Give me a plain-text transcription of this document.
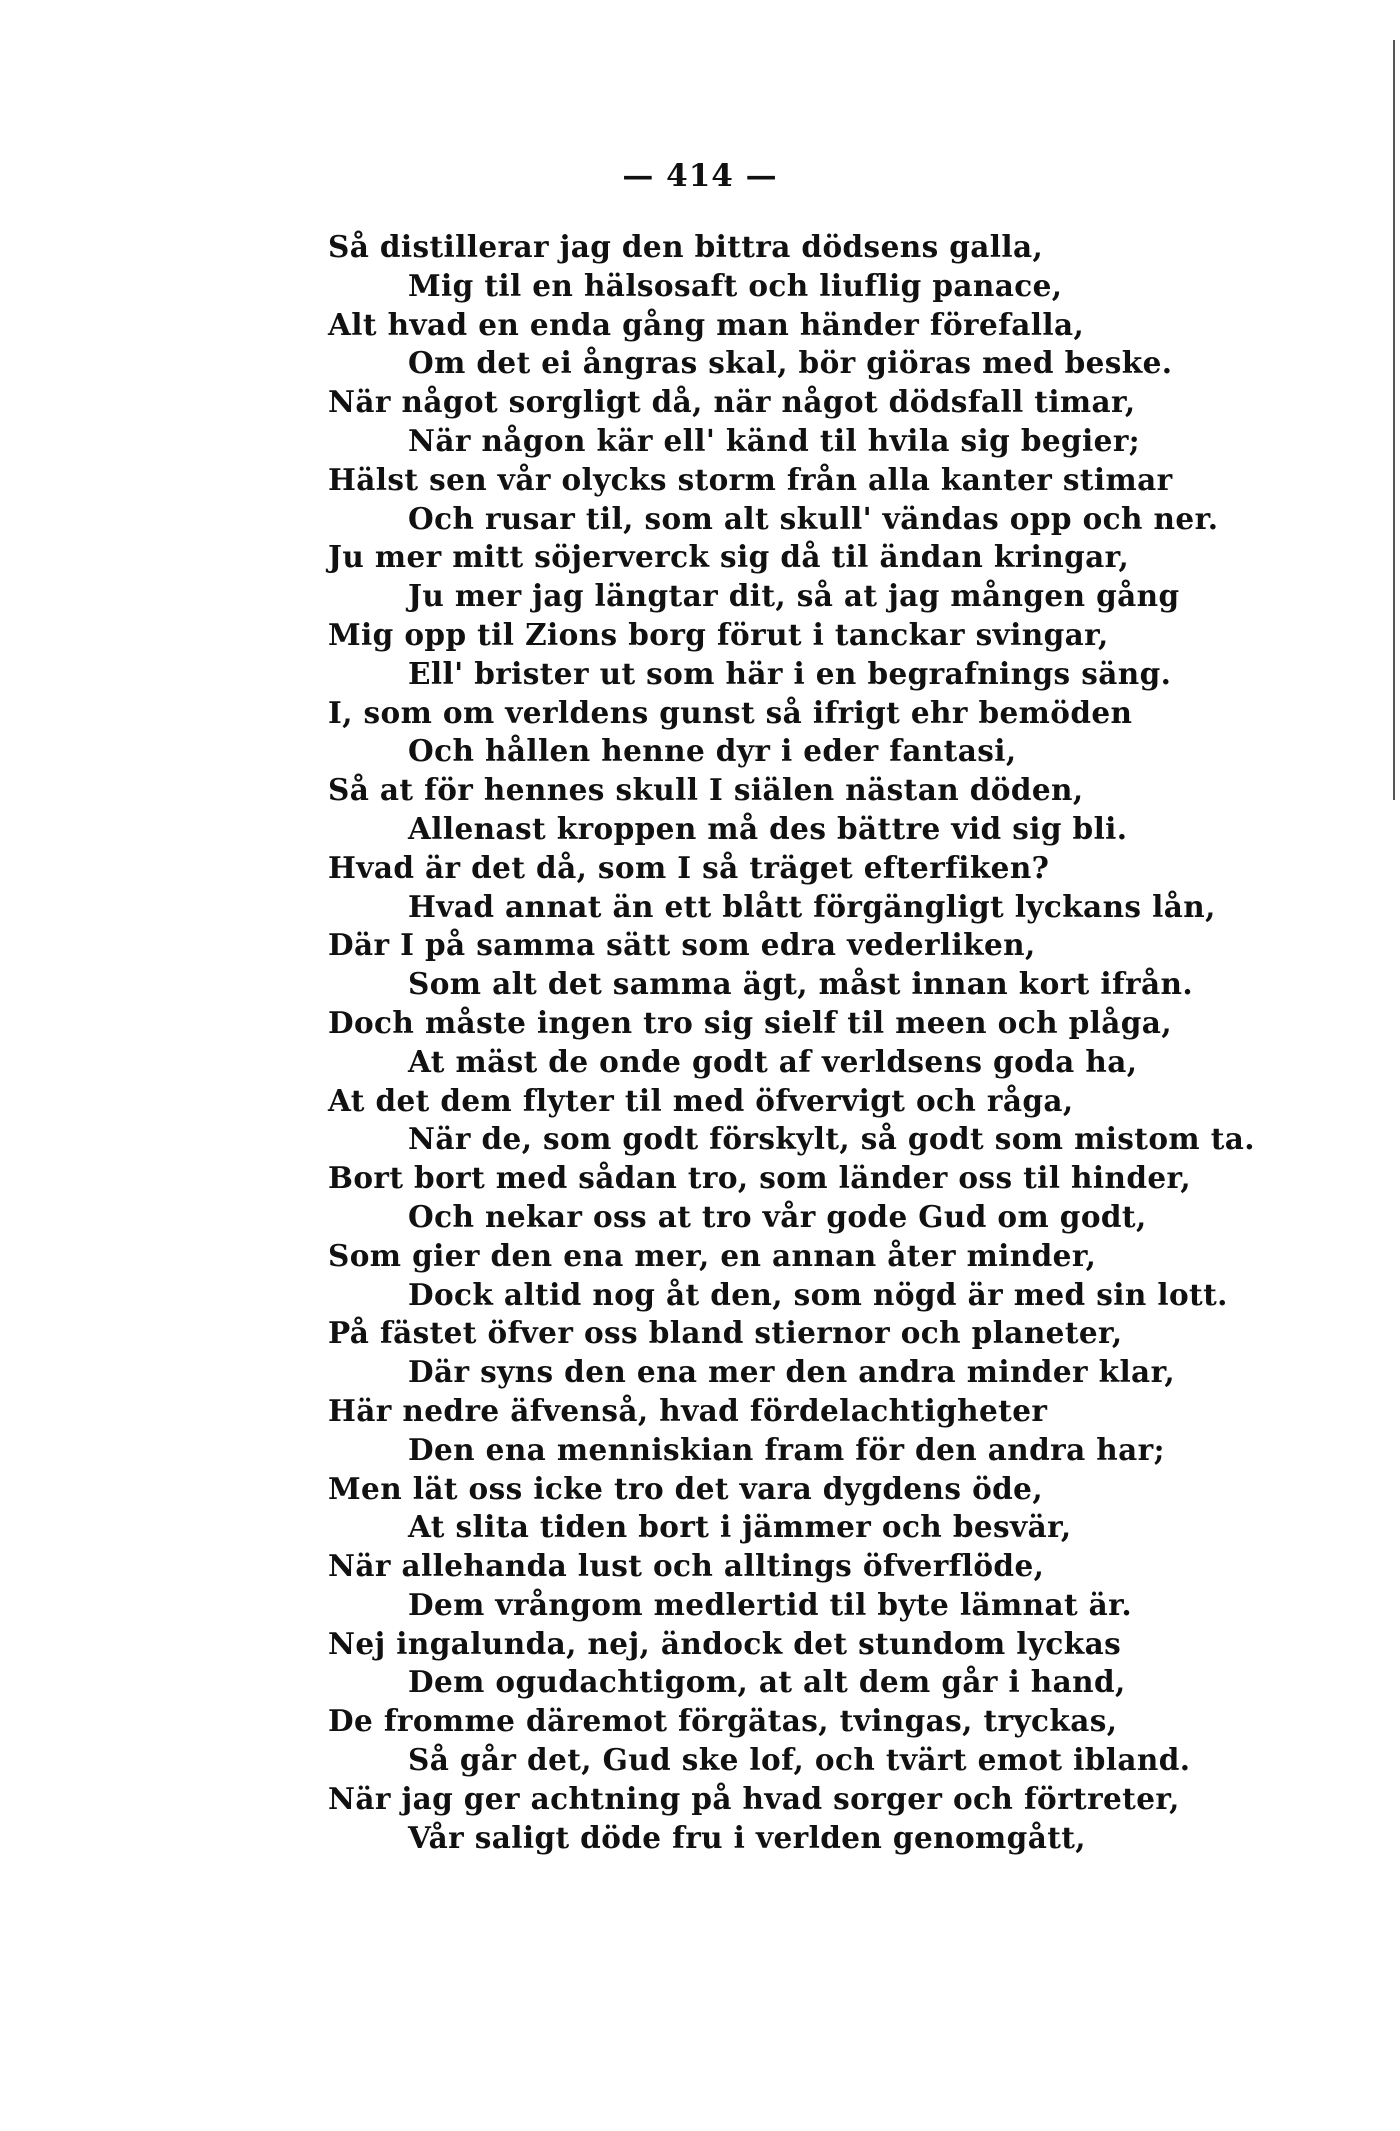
— 414 —
Så distillerar jag den bittra dödsens galla,
Mig til en hälsosaft och liuflig panace,
Alt hvad en enda gång man händer förefalla,
Om det ei ångras skal, bör giöras med beske.
När något sorgligt då, när något dödsfall timar,
När någon kär ell' känd til hvila sig begier;
Hälst sen vår olycks storm från alla kanter stimar
Och rusar til, som alt skull' vändas opp och ner.
Ju mer mitt söjerverck sig då til ändan kringar,
Ju mer jag längtar dit, så at jag mången gång
Mig opp til Zions borg förut i tanckar svingar,
Ell' brister ut som här i en begrafnings säng.
I, som om verldens gunst så ifrigt ehr bemöden
Och hållen henne dyr i eder fantasi,
Så at för hennes skull I siälen nästan döden,
Allenast kroppen må des bättre vid sig bli.
Hvad är det då, som I så träget efterfiken?
Hvad annat än ett blått förgängligt lyckans lån,
Där I på samma sätt som edra vederliken,
Som alt det samma ägt, måst innan kort ifrån.
Doch måste ingen tro sig sielf til meen och plåga,
At mäst de onde godt af verldsens goda ha,
At det dem flyter til med öfvervigt och råga,
När de, som godt förskylt, så godt som mistom ta.
Bort bort med sådan tro, som länder oss til hinder,
Och nekar oss at tro vår gode Gud om godt,
Som gier den ena mer, en annan åter minder,
Dock altid nog åt den, som nögd är med sin lott.
På fästet öfver oss bland stiernor och planeter,
Där syns den ena mer den andra minder klar,
Här nedre äfvenså, hvad fördelachtigheter
Den ena menniskian fram för den andra har;
Men lät oss icke tro det vara dygdens öde,
At slita tiden bort i jämmer och besvär,
När allehanda lust och alltings öfverflöde,
Dem vrångom medlertid til byte lämnat är.
Nej ingalunda, nej, ändock det stundom lyckas
Dem ogudachtigom, at alt dem går i hand,
De fromme däremot förgätas, tvingas, tryckas,
Så går det, Gud ske lof, och tvärt emot ibland.
När jag ger achtning på hvad sorger och förtreter,
Vår saligt döde fru i verlden genomgått,
